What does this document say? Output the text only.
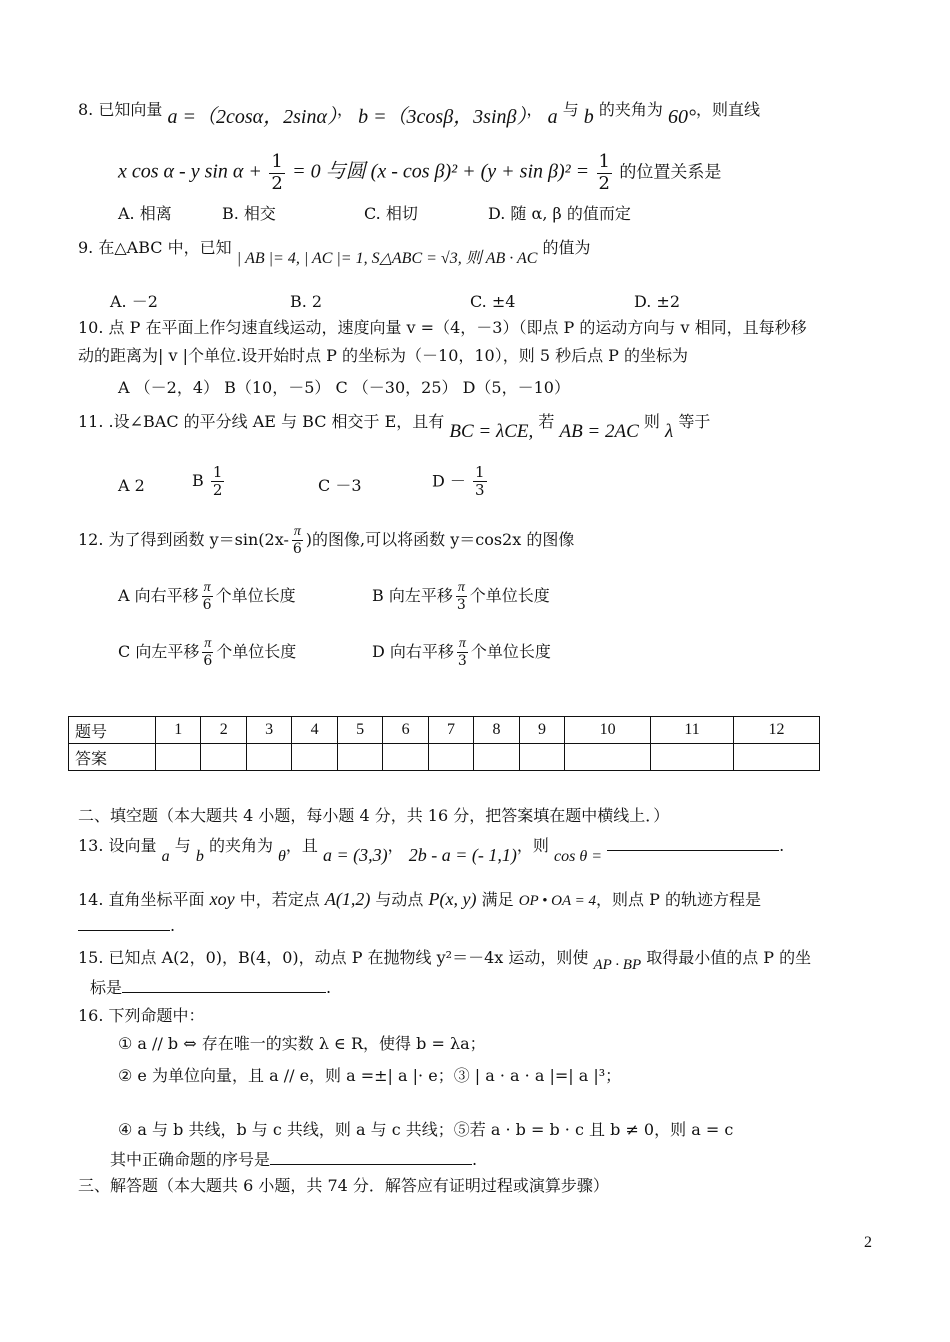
8. 已知向量 a =（2cosα，2sinα）， b =（3cosβ，3sinβ）， a 与 b 的夹角为 60°，则直线
x cos α - y $\sin \alpha + \frac{1}{2} = 0$ 与圆 $(x - \cos \beta)^2 + (y + \sin \beta)^2 = \frac{1}{2}$ 的位置关系是
A. 相离	B. 相交	C. 相切	D. 随 α, β 的值而定
9. 在△ABC 中，已知 | AB |= 4, | AC |= 1, S△ABC = √3, 则 AB · AC 的值为
A. －2	B. 2	C. ±4	D. ±2
10. 点 P 在平面上作匀速直线运动，速度向量 v =（4，－3）（即点 P 的运动方向与 v 相同，且每秒移
动的距离为| v |个单位.设开始时点 P 的坐标为（－10，10），则 5 秒后点 P 的坐标为
A （－2，4） B（10，－5） C （－30，25） D（5，－10）
11. .设∠BAC 的平分线 AE 与 BC 相交于 E，且有 BC = λCE, 若 AB = 2AC 则 λ 等于
A 2	B $\frac{1}{2}$	C －3	$D - \frac{1}{3}$
12. 为了得到函数 $y=\sin(2x- \frac{\pi}{6}$ )的图像,可以将函数 y＝cos2x 的图像
A 向右平移 $\frac{\pi}{6}$ 个单位长度	B 向左平移 $\frac{\pi}{3}$ 个单位长度
C 向左平移 $\frac{\pi}{6}$ 个单位长度	D 向右平移 $\frac{\pi}{3}$ 个单位长度
题号	1	2	3	4	5	6	7	8	9	10	11	12
答案												
二、填空题（本大题共 4 小题，每小题 4 分，共 16 分，把答案填在题中横线上．）
13. 设向量 a 与 b 的夹角为 θ，且 a = (3,3)， 2b - a = (- 1,1)，则 cos θ = .
14. 直角坐标平面 xoy 中，若定点 A(1,2) 与动点 P(x, y) 满足 OP • OA = 4，则点 P 的轨迹方程是
.
15. 已知点 A(2，0)，B(4，0)，动点 P 在抛物线 y²＝－4x 运动，则使 AP · BP 取得最小值的点 P 的坐
标是	.
16. 下列命题中：
① a // b ⇔ 存在唯一的实数 λ ∈ R，使得 b = λa；
② e 为单位向量，且 a // e，则 a =±| a |· e；③ | a · a · a |=| a |³；
④ a 与 b 共线，b 与 c 共线，则 a 与 c 共线；⑤若 a · b = b · c 且 b ≠ 0，则 a = c
其中正确命题的序号是	.
三、解答题（本大题共 6 小题，共 74 分．解答应有证明过程或演算步骤）
2
